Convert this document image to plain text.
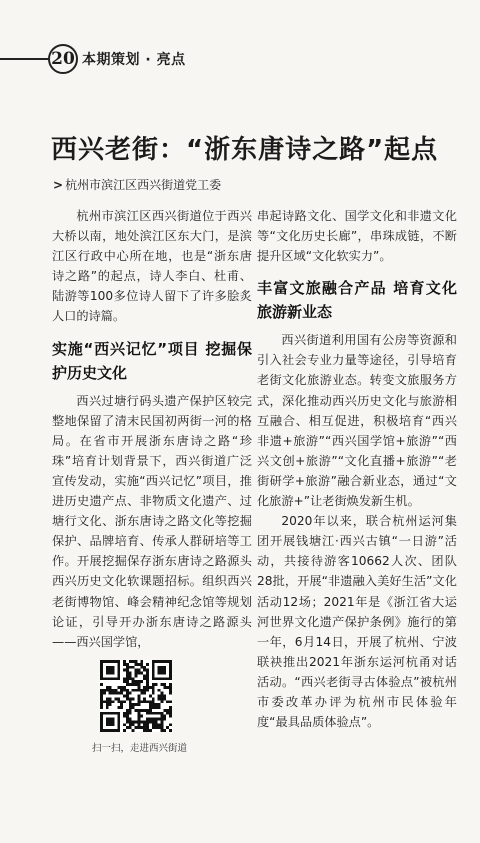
20 本期策划 · 亮点
西兴老街：“浙东唐诗之路”起点
> 杭州市滨江区西兴街道党工委

杭州市滨江区西兴街道位于西兴大桥以南，地处滨江区东大门，是滨江区行政中心所在地，也是“浙东唐诗之路”的起点，诗人李白、杜甫、陆游等100多位诗人留下了许多脍炙人口的诗篇。

实施“西兴记忆”项目 挖掘保护历史文化

西兴过塘行码头遗产保护区较完整地保留了清末民国初两街一河的格局。在省市开展浙东唐诗之路“珍珠”培育计划背景下，西兴街道广泛宣传发动，实施“西兴记忆”项目，推进历史遗产点、非物质文化遗产、过塘行文化、浙东唐诗之路文化等挖掘保护、品牌培育、传承人群研培等工作。开展挖掘保存浙东唐诗之路源头西兴历史文化软课题招标。组织西兴老街博物馆、峰会精神纪念馆等规划论证，引导开办浙东唐诗之路源头——西兴国学馆，

串起诗路文化、国学文化和非遗文化等“文化历史长廊”，串珠成链，不断提升区域“文化软实力”。

丰富文旅融合产品 培育文化旅游新业态

西兴街道利用国有公房等资源和引入社会专业力量等途径，引导培育老街文化旅游业态。转变文旅服务方式，深化推动西兴历史文化与旅游相互融合、相互促进，积极培育“西兴非遗+旅游”“西兴国学馆+旅游”“西兴文创+旅游”“文化直播+旅游”“老街研学+旅游”融合新业态，通过“文化旅游+”让老街焕发新生机。

2020年以来，联合杭州运河集团开展钱塘江·西兴古镇“一日游”活动，共接待游客10662人次、团队28批，开展“非遗融入美好生活”文化活动12场；2021年是《浙江省大运河世界文化遗产保护条例》施行的第一年，6月14日，开展了杭州、宁波联袂推出2021年浙东运河杭甬对话活动。“西兴老街寻古体验点”被杭州市委改革办评为杭州市民体验年度“最具品质体验点”。

扫一扫，走进西兴街道
